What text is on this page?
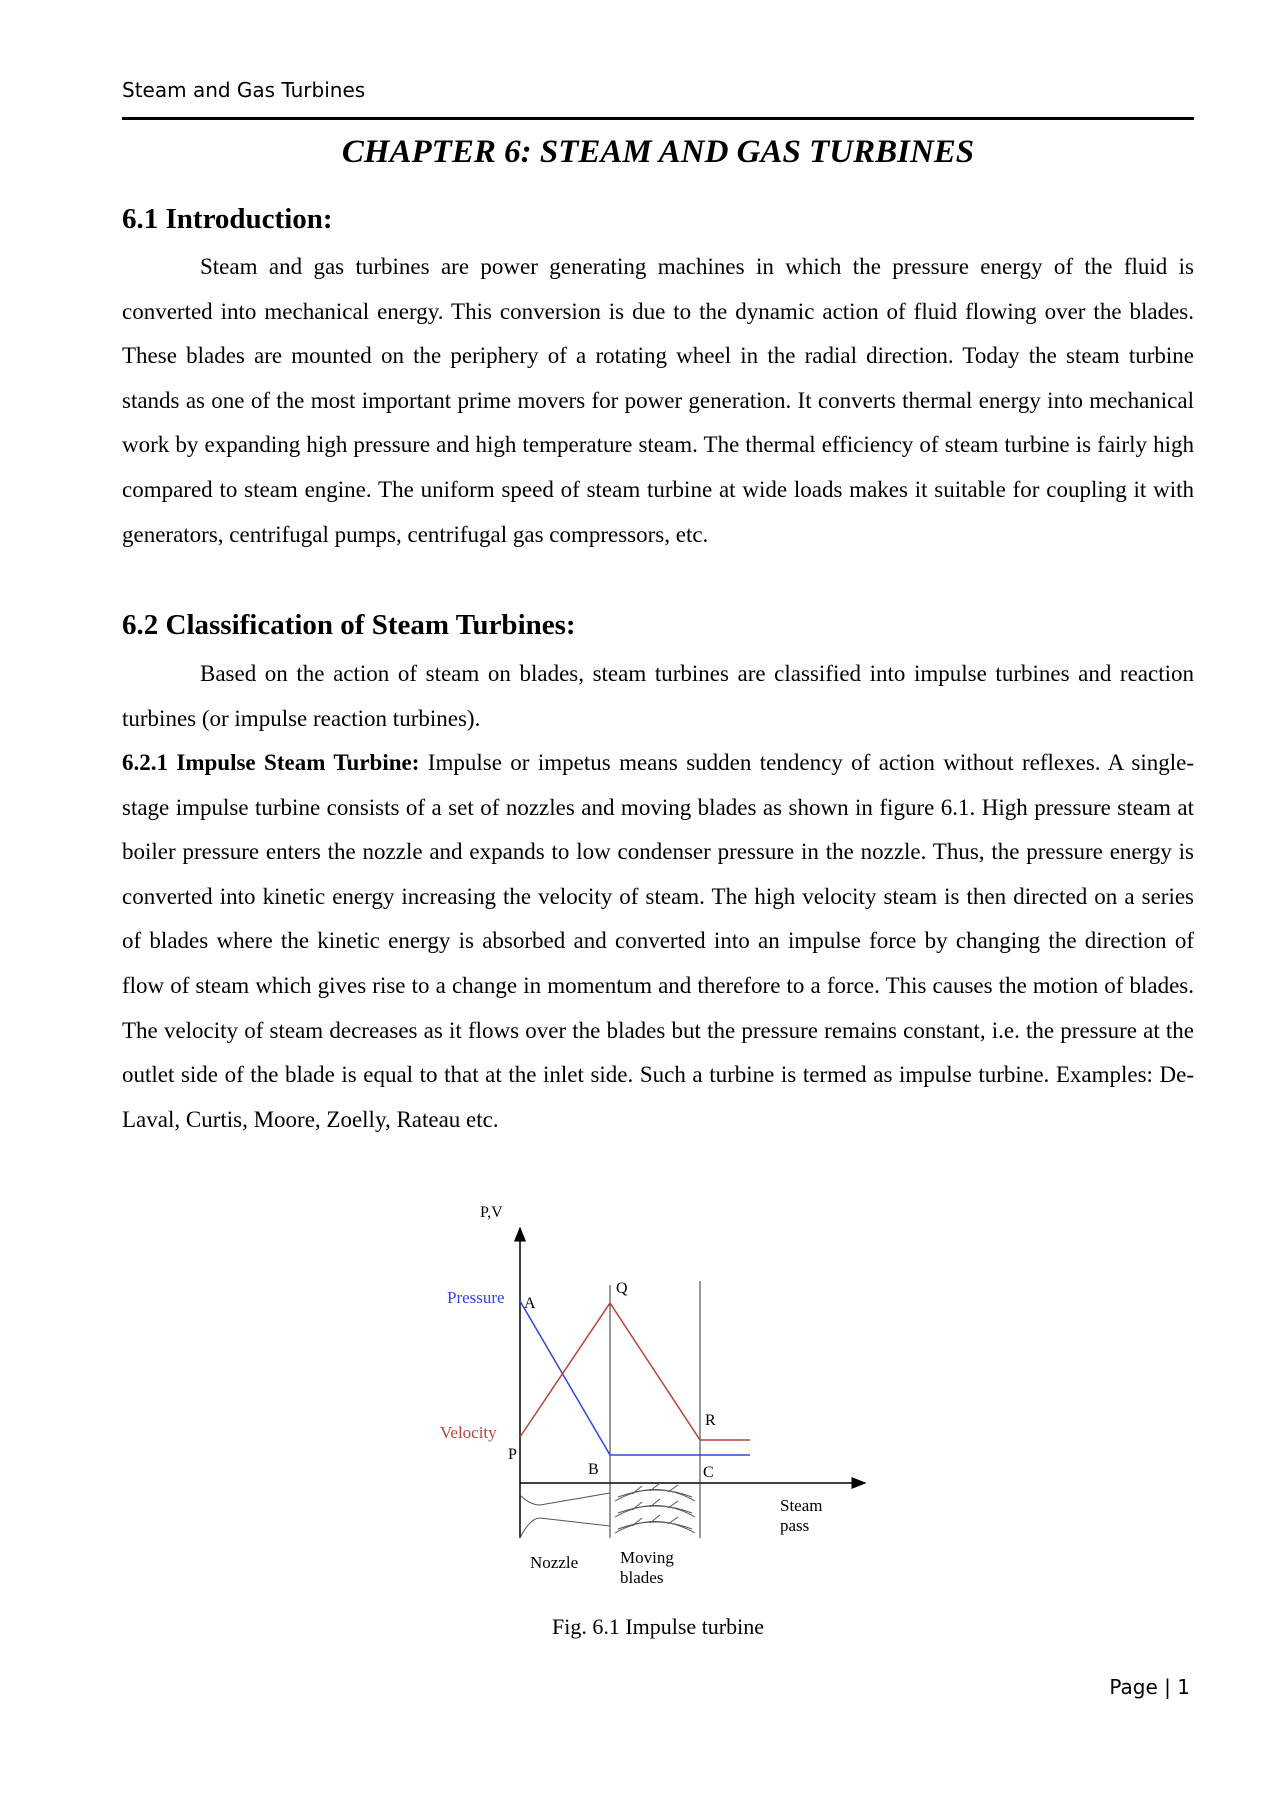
Steam and Gas Turbines
CHAPTER 6: STEAM AND GAS TURBINES
6.1 Introduction:

Steam and gas turbines are power generating machines in which the pressure energy of the fluid is converted into mechanical energy. This conversion is due to the dynamic action of fluid flowing over the blades. These blades are mounted on the periphery of a rotating wheel in the radial direction. Today the steam turbine stands as one of the most important prime movers for power generation. It converts thermal energy into mechanical work by expanding high pressure and high temperature steam. The thermal efficiency of steam turbine is fairly high compared to steam engine. The uniform speed of steam turbine at wide loads makes it suitable for coupling it with generators, centrifugal pumps, centrifugal gas compressors, etc.

6.2 Classification of Steam Turbines:

Based on the action of steam on blades, steam turbines are classified into impulse turbines and reaction turbines (or impulse reaction turbines).

6.2.1 Impulse Steam Turbine: Impulse or impetus means sudden tendency of action without reflexes. A single-stage impulse turbine consists of a set of nozzles and moving blades as shown in figure 6.1. High pressure steam at boiler pressure enters the nozzle and expands to low condenser pressure in the nozzle. Thus, the pressure energy is converted into kinetic energy increasing the velocity of steam. The high velocity steam is then directed on a series of blades where the kinetic energy is absorbed and converted into an impulse force by changing the direction of flow of steam which gives rise to a change in momentum and therefore to a force. This causes the motion of blades. The velocity of steam decreases as it flows over the blades but the pressure remains constant, i.e. the pressure at the outlet side of the blade is equal to that at the inlet side. Such a turbine is termed as impulse turbine. Examples: De-Laval, Curtis, Moore, Zoelly, Rateau etc.

P,V
Pressure A
Q
Velocity
P
B
R
C
Steam
pass
Nozzle Moving
blades

Fig. 6.1 Impulse turbine

Page | 1
